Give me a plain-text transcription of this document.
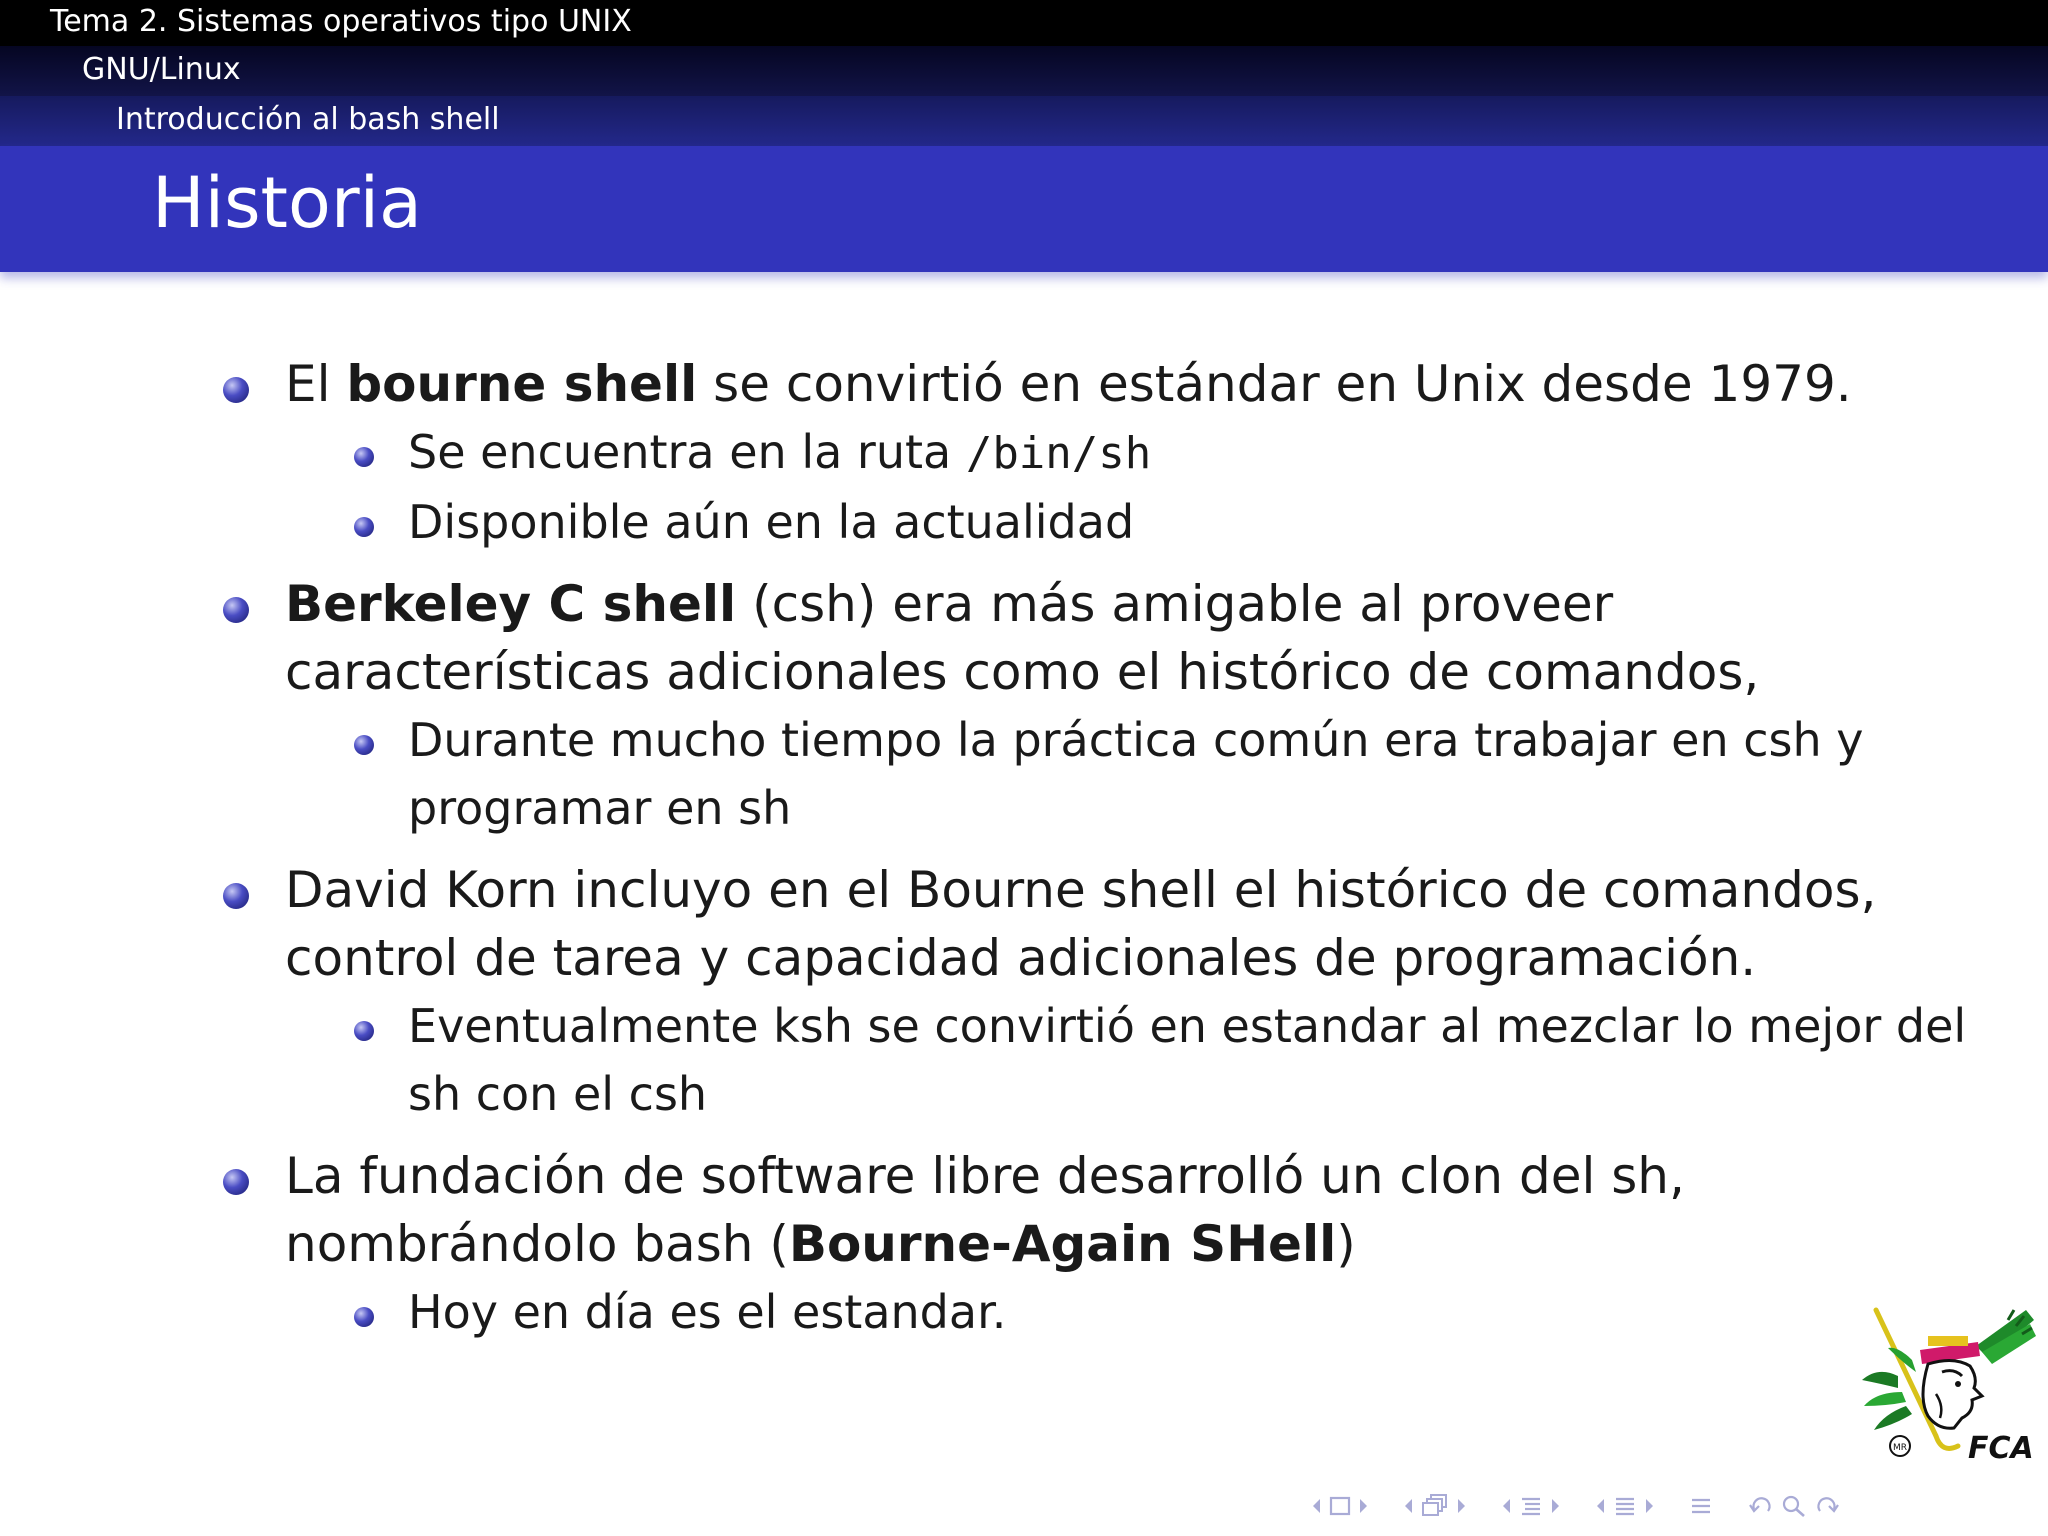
Tema 2. Sistemas operativos tipo UNIX
GNU/Linux
Introducción al bash shell
Historia
El bourne shell se convirtió en estándar en Unix desde 1979.
Se encuentra en la ruta /bin/sh
Disponible aún en la actualidad
Berkeley C shell (csh) era más amigable al proveer características adicionales como el histórico de comandos,
Durante mucho tiempo la práctica común era trabajar en csh y programar en sh
David Korn incluyo en el Bourne shell el histórico de comandos, control de tarea y capacidad adicionales de programación.
Eventualmente ksh se convirtió en estandar al mezclar lo mejor del sh con el csh
La fundación de software libre desarrolló un clon del sh, nombrándolo bash (Bourne-Again SHell)
Hoy en día es el estandar.
MR FCA
